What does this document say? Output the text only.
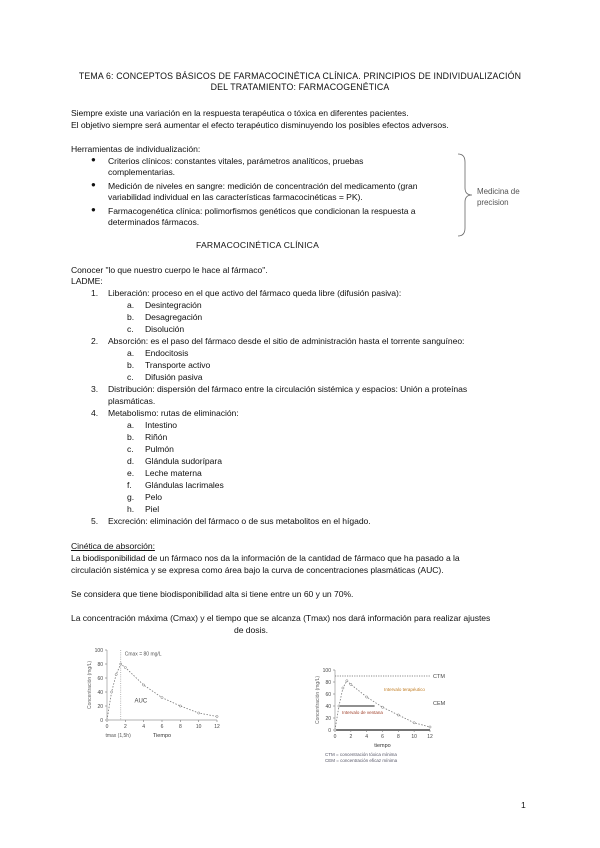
TEMA 6: CONCEPTOS BÁSICOS DE FARMACOCINÉTICA CLÍNICA. PRINCIPIOS DE INDIVIDUALIZACIÓN
DEL TRATAMIENTO: FARMACOGENÉTICA
Siempre existe una variación en la respuesta terapéutica o tóxica en diferentes pacientes.
El objetivo siempre será aumentar el efecto terapéutico disminuyendo los posibles efectos adversos.
Herramientas de individualización:
● Criterios clínicos: constantes vitales, parámetros analíticos, pruebas
complementarias.
● Medición de niveles en sangre: medición de concentración del medicamento (gran
variabilidad individual en las características farmacocinéticas = PK).
● Farmacogenética clínica: polimorfismos genéticos que condicionan la respuesta a
determinados fármacos.
Medicina de
precision
FARMACOCINÉTICA CLÍNICA
Conocer "lo que nuestro cuerpo le hace al fármaco".
LADME:
1. Liberación: proceso en el que activo del fármaco queda libre (difusión pasiva):
a. Desintegración
b. Desagregación
c. Disolución
2. Absorción: es el paso del fármaco desde el sitio de administración hasta el torrente sanguíneo:
a. Endocitosis
b. Transporte activo
c. Difusión pasiva
3. Distribución: dispersión del fármaco entre la circulación sistémica y espacios: Unión a proteínas
plasmáticas.
4. Metabolismo: rutas de eliminación:
a. Intestino
b. Riñón
c. Pulmón
d. Glándula sudorípara
e. Leche materna
f. Glándulas lacrimales
g. Pelo
h. Piel
5. Excreción: eliminación del fármaco o de sus metabolitos en el hígado.
Cinética de absorción:
La biodisponibilidad de un fármaco nos da la información de la cantidad de fármaco que ha pasado a la
circulación sistémica y se expresa como área bajo la curva de concentraciones plasmáticas (AUC).
Se considera que tiene biodisponibilidad alta si tiene entre un 60 y un 70%.
La concentración máxima (Cmax) y el tiempo que se alcanza (Tmax) nos dará información para realizar ajustes
de dosis.
0	2	4	6	8	10	12
0
20
40
60
80
100
Tiempo
Concentración (mg/L)
Cmax = 80 mg/L
AUC
tmax (1,5h)	0	2	4	6	8 10 12
0
20
40
60
80
100
tiempo
Concentración (mg/L)	CTM
CEM
Intervalo terapéutico
Intervalo de ventana
CTM = concentración tóxica mínima
CEM = concentración eficaz mínima
1
